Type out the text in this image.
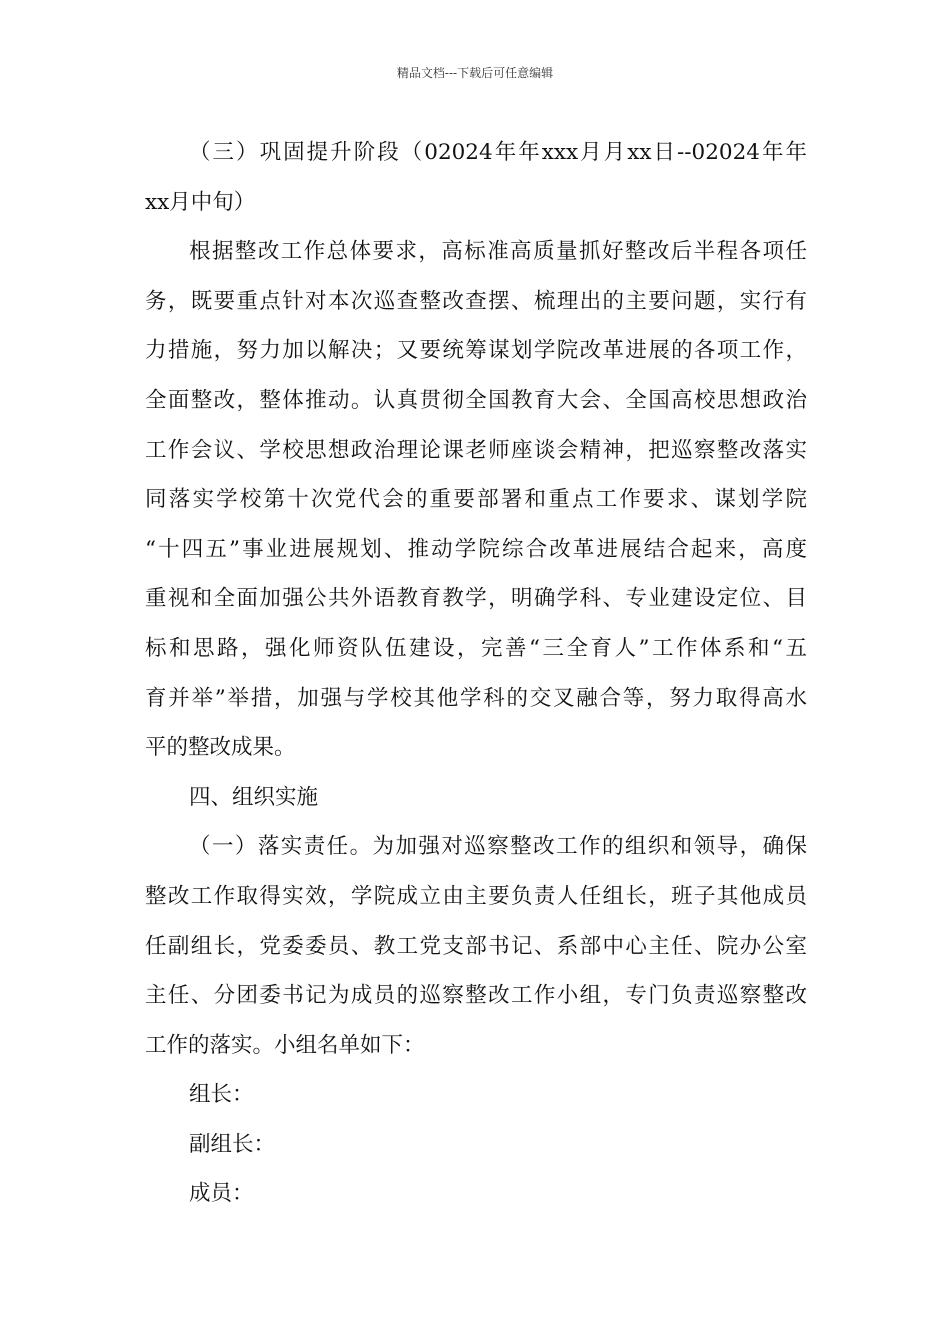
精品文档---下载后可任意编辑
（三）巩固提升阶段（02024年年xxx月月xx日--02024年年
xx月中旬）
根据整改工作总体要求，高标准高质量抓好整改后半程各项任
务，既要重点针对本次巡查整改查摆、梳理出的主要问题，实行有
力措施，努力加以解决；又要统筹谋划学院改革进展的各项工作，
全面整改，整体推动。认真贯彻全国教育大会、全国高校思想政治
工作会议、学校思想政治理论课老师座谈会精神，把巡察整改落实
同落实学校第十次党代会的重要部署和重点工作要求、谋划学院
“十四五”事业进展规划、推动学院综合改革进展结合起来，高度
重视和全面加强公共外语教育教学，明确学科、专业建设定位、目
标和思路，强化师资队伍建设，完善“三全育人”工作体系和“五
育并举”举措，加强与学校其他学科的交叉融合等，努力取得高水
平的整改成果。
四、组织实施
（一）落实责任。为加强对巡察整改工作的组织和领导，确保
整改工作取得实效，学院成立由主要负责人任组长，班子其他成员
任副组长，党委委员、教工党支部书记、系部中心主任、院办公室
主任、分团委书记为成员的巡察整改工作小组，专门负责巡察整改
工作的落实。小组名单如下：
组长：
副组长：
成员：
